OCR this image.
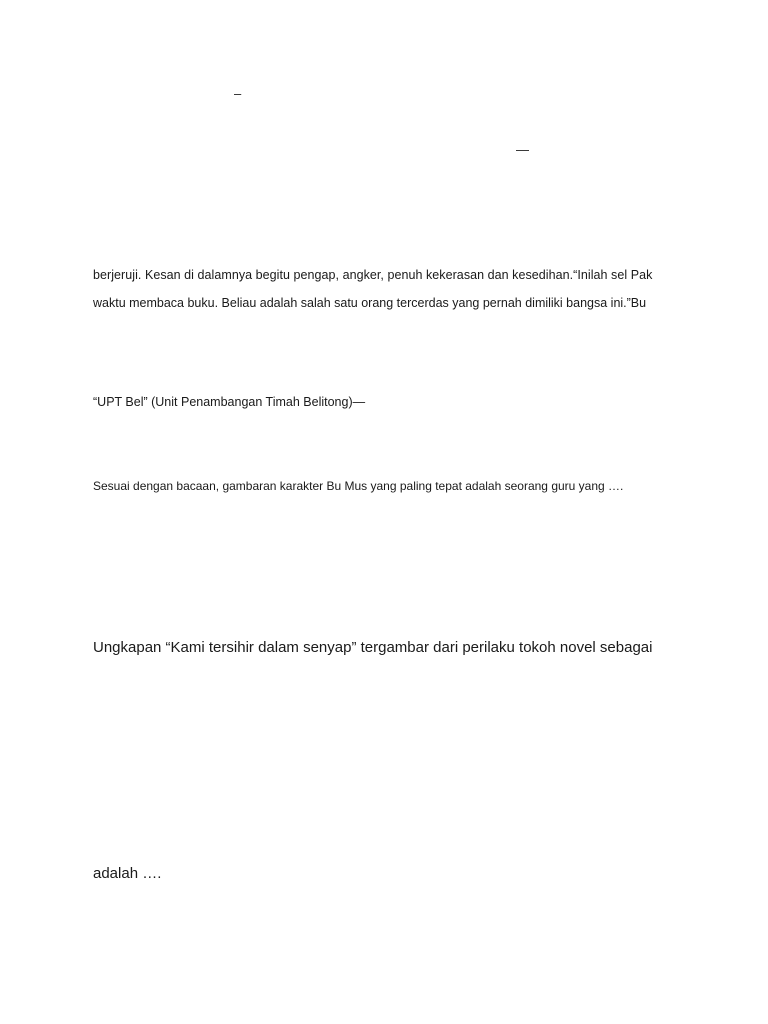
–
—
berjeruji. Kesan di dalamnya begitu pengap, angker, penuh kekerasan dan kesedihan.“Inilah sel Pak
waktu membaca buku. Beliau adalah salah satu orang tercerdas yang pernah dimiliki bangsa ini.”Bu
“UPT Bel” (Unit Penambangan Timah Belitong)—
Sesuai dengan bacaan, gambaran karakter Bu Mus yang paling tepat adalah seorang guru yang ….
Ungkapan “Kami tersihir dalam senyap” tergambar dari perilaku tokoh novel sebagai
adalah ….
